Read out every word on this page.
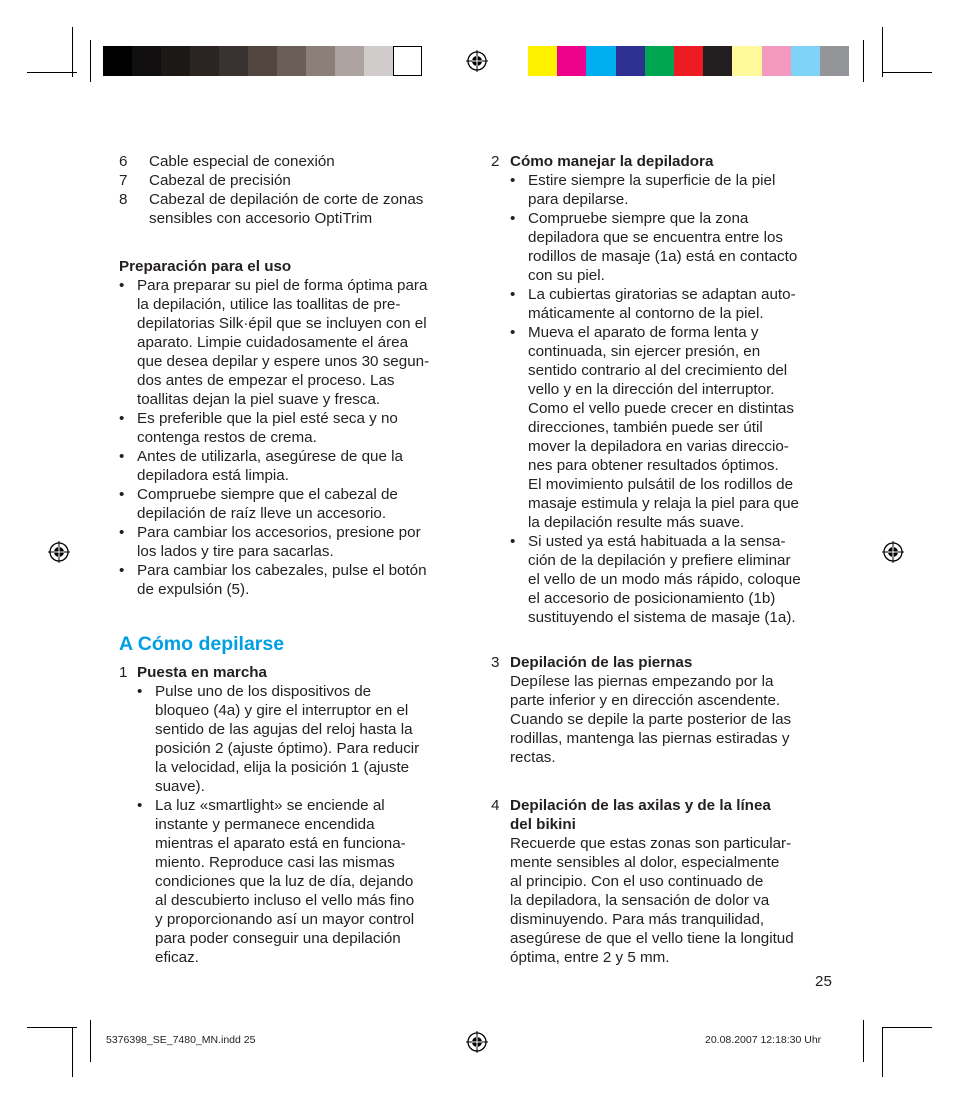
6 Cable especial de conexión
7 Cabezal de precisión
8 Cabezal de depilación de corte de zonas
sensibles con accesorio OptiTrim
Preparación para el uso
• Para preparar su piel de forma óptima para
la depilación, utilice las toallitas de pre-
depilatorias Silk·épil que se incluyen con el
aparato. Limpie cuidadosamente el área
que desea depilar y espere unos 30 segun-
dos antes de empezar el proceso. Las
toallitas dejan la piel suave y fresca.
• Es preferible que la piel esté seca y no
contenga restos de crema.
• Antes de utilizarla, asegúrese de que la
depiladora está limpia.
• Compruebe siempre que el cabezal de
depilación de raíz lleve un accesorio.
• Para cambiar los accesorios, presione por
los lados y tire para sacarlas.
• Para cambiar los cabezales, pulse el botón
de expulsión (5).
A Cómo depilarse
1 Puesta en marcha
• Pulse uno de los dispositivos de
bloqueo (4a) y gire el interruptor en el
sentido de las agujas del reloj hasta la
posición 2 (ajuste óptimo). Para reducir
la velocidad, elija la posición 1 (ajuste
suave).
• La luz «smartlight» se enciende al
instante y permanece encendida
mientras el aparato está en funciona-
miento. Reproduce casi las mismas
condiciones que la luz de día, dejando
al descubierto incluso el vello más fino
y proporcionando así un mayor control
para poder conseguir una depilación
eficaz.
2 Cómo manejar la depiladora
• Estire siempre la superficie de la piel
para depilarse.
• Compruebe siempre que la zona
depiladora que se encuentra entre los
rodillos de masaje (1a) está en contacto
con su piel.
• La cubiertas giratorias se adaptan auto-
máticamente al contorno de la piel.
• Mueva el aparato de forma lenta y
continuada, sin ejercer presión, en
sentido contrario al del crecimiento del
vello y en la dirección del interruptor.
Como el vello puede crecer en distintas
direcciones, también puede ser útil
mover la depiladora en varias direccio-
nes para obtener resultados óptimos.
El movimiento pulsátil de los rodillos de
masaje estimula y relaja la piel para que
la depilación resulte más suave.
• Si usted ya está habituada a la sensa-
ción de la depilación y prefiere eliminar
el vello de un modo más rápido, coloque
el accesorio de posicionamiento (1b)
sustituyendo el sistema de masaje (1a).
3 Depilación de las piernas
Depílese las piernas empezando por la
parte inferior y en dirección ascendente.
Cuando se depile la parte posterior de las
rodillas, mantenga las piernas estiradas y
rectas.
4 Depilación de las axilas y de la línea
del bikini
Recuerde que estas zonas son particular-
mente sensibles al dolor, especialmente
al principio. Con el uso continuado de
la depiladora, la sensación de dolor va
disminuyendo. Para más tranquilidad,
asegúrese de que el vello tiene la longitud
óptima, entre 2 y 5 mm.
25
5376398_SE_7480_MN.indd 25	20.08.2007 12:18:30 Uhr
